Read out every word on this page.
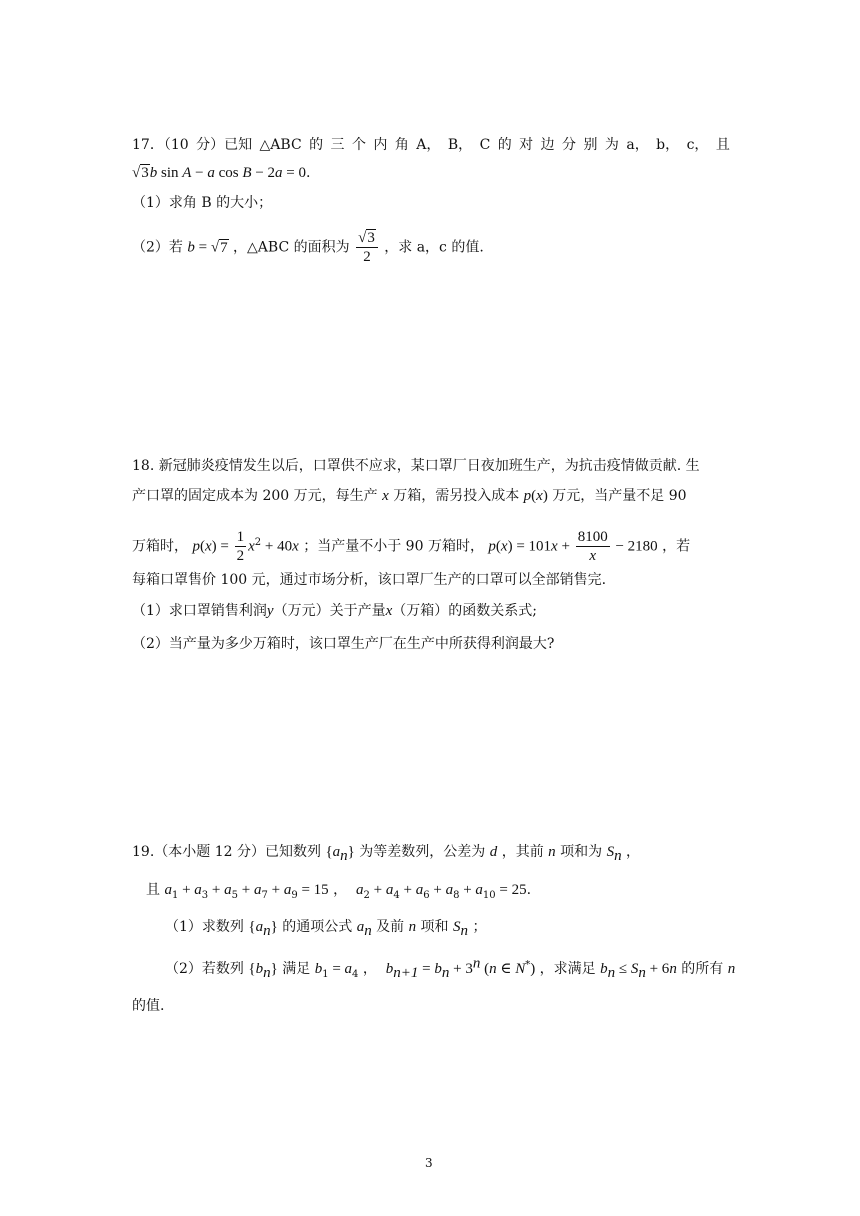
17．（10 分）已知 △ABC 的 三 个 内 角 A， B， C 的 对 边 分 别 为 a， b， c， 且
√3b sin A − a cos B − 2a = 0.
（1）求角 B 的大小；
（2）若 b = √7 ，△ABC 的面积为 $\frac{√3}{2}$ ，求 a，c 的值.
18. 新冠肺炎疫情发生以后，口罩供不应求，某口罩厂日夜加班生产，为抗击疫情做贡献. 生
产口罩的固定成本为 200 万元，每生产 x 万箱，需另投入成本 p(x) 万元，当产量不足 90
万箱时， $p(x) = \frac{1}{2} x^2 + 40x$ ；当产量不小于 90 万箱时， $p(x) = 101x + \frac{8100}{x} - 2180$ ，若
每箱口罩售价 100 元，通过市场分析，该口罩厂生产的口罩可以全部销售完.
（1）求口罩销售利润y（万元）关于产量x（万箱）的函数关系式;
（2）当产量为多少万箱时，该口罩生产厂在生产中所获得利润最大?
19.（本小题 12 分）已知数列 $\{a_n\}$ 为等差数列，公差为 d ，其前 n 项和为 $S_n$ ，
且 $a_1 + a_3 + a_5 + a_7 + a_9 = 15$ ， $a_2 + a_4 + a_6 + a_8 + a_{10} = 25$.
（1）求数列 $\{a_n\}$ 的通项公式 $a_n$ 及前 n 项和 $S_n$ ；
（2）若数列 $\{b_n\}$ 满足 $b_1 = a_4$ ， $b_{n+1} = b_n + 3^n$ (n ∈ N*) ，求满足 $b_n \le S_n + 6n$ 的所有 n
的值.
3
